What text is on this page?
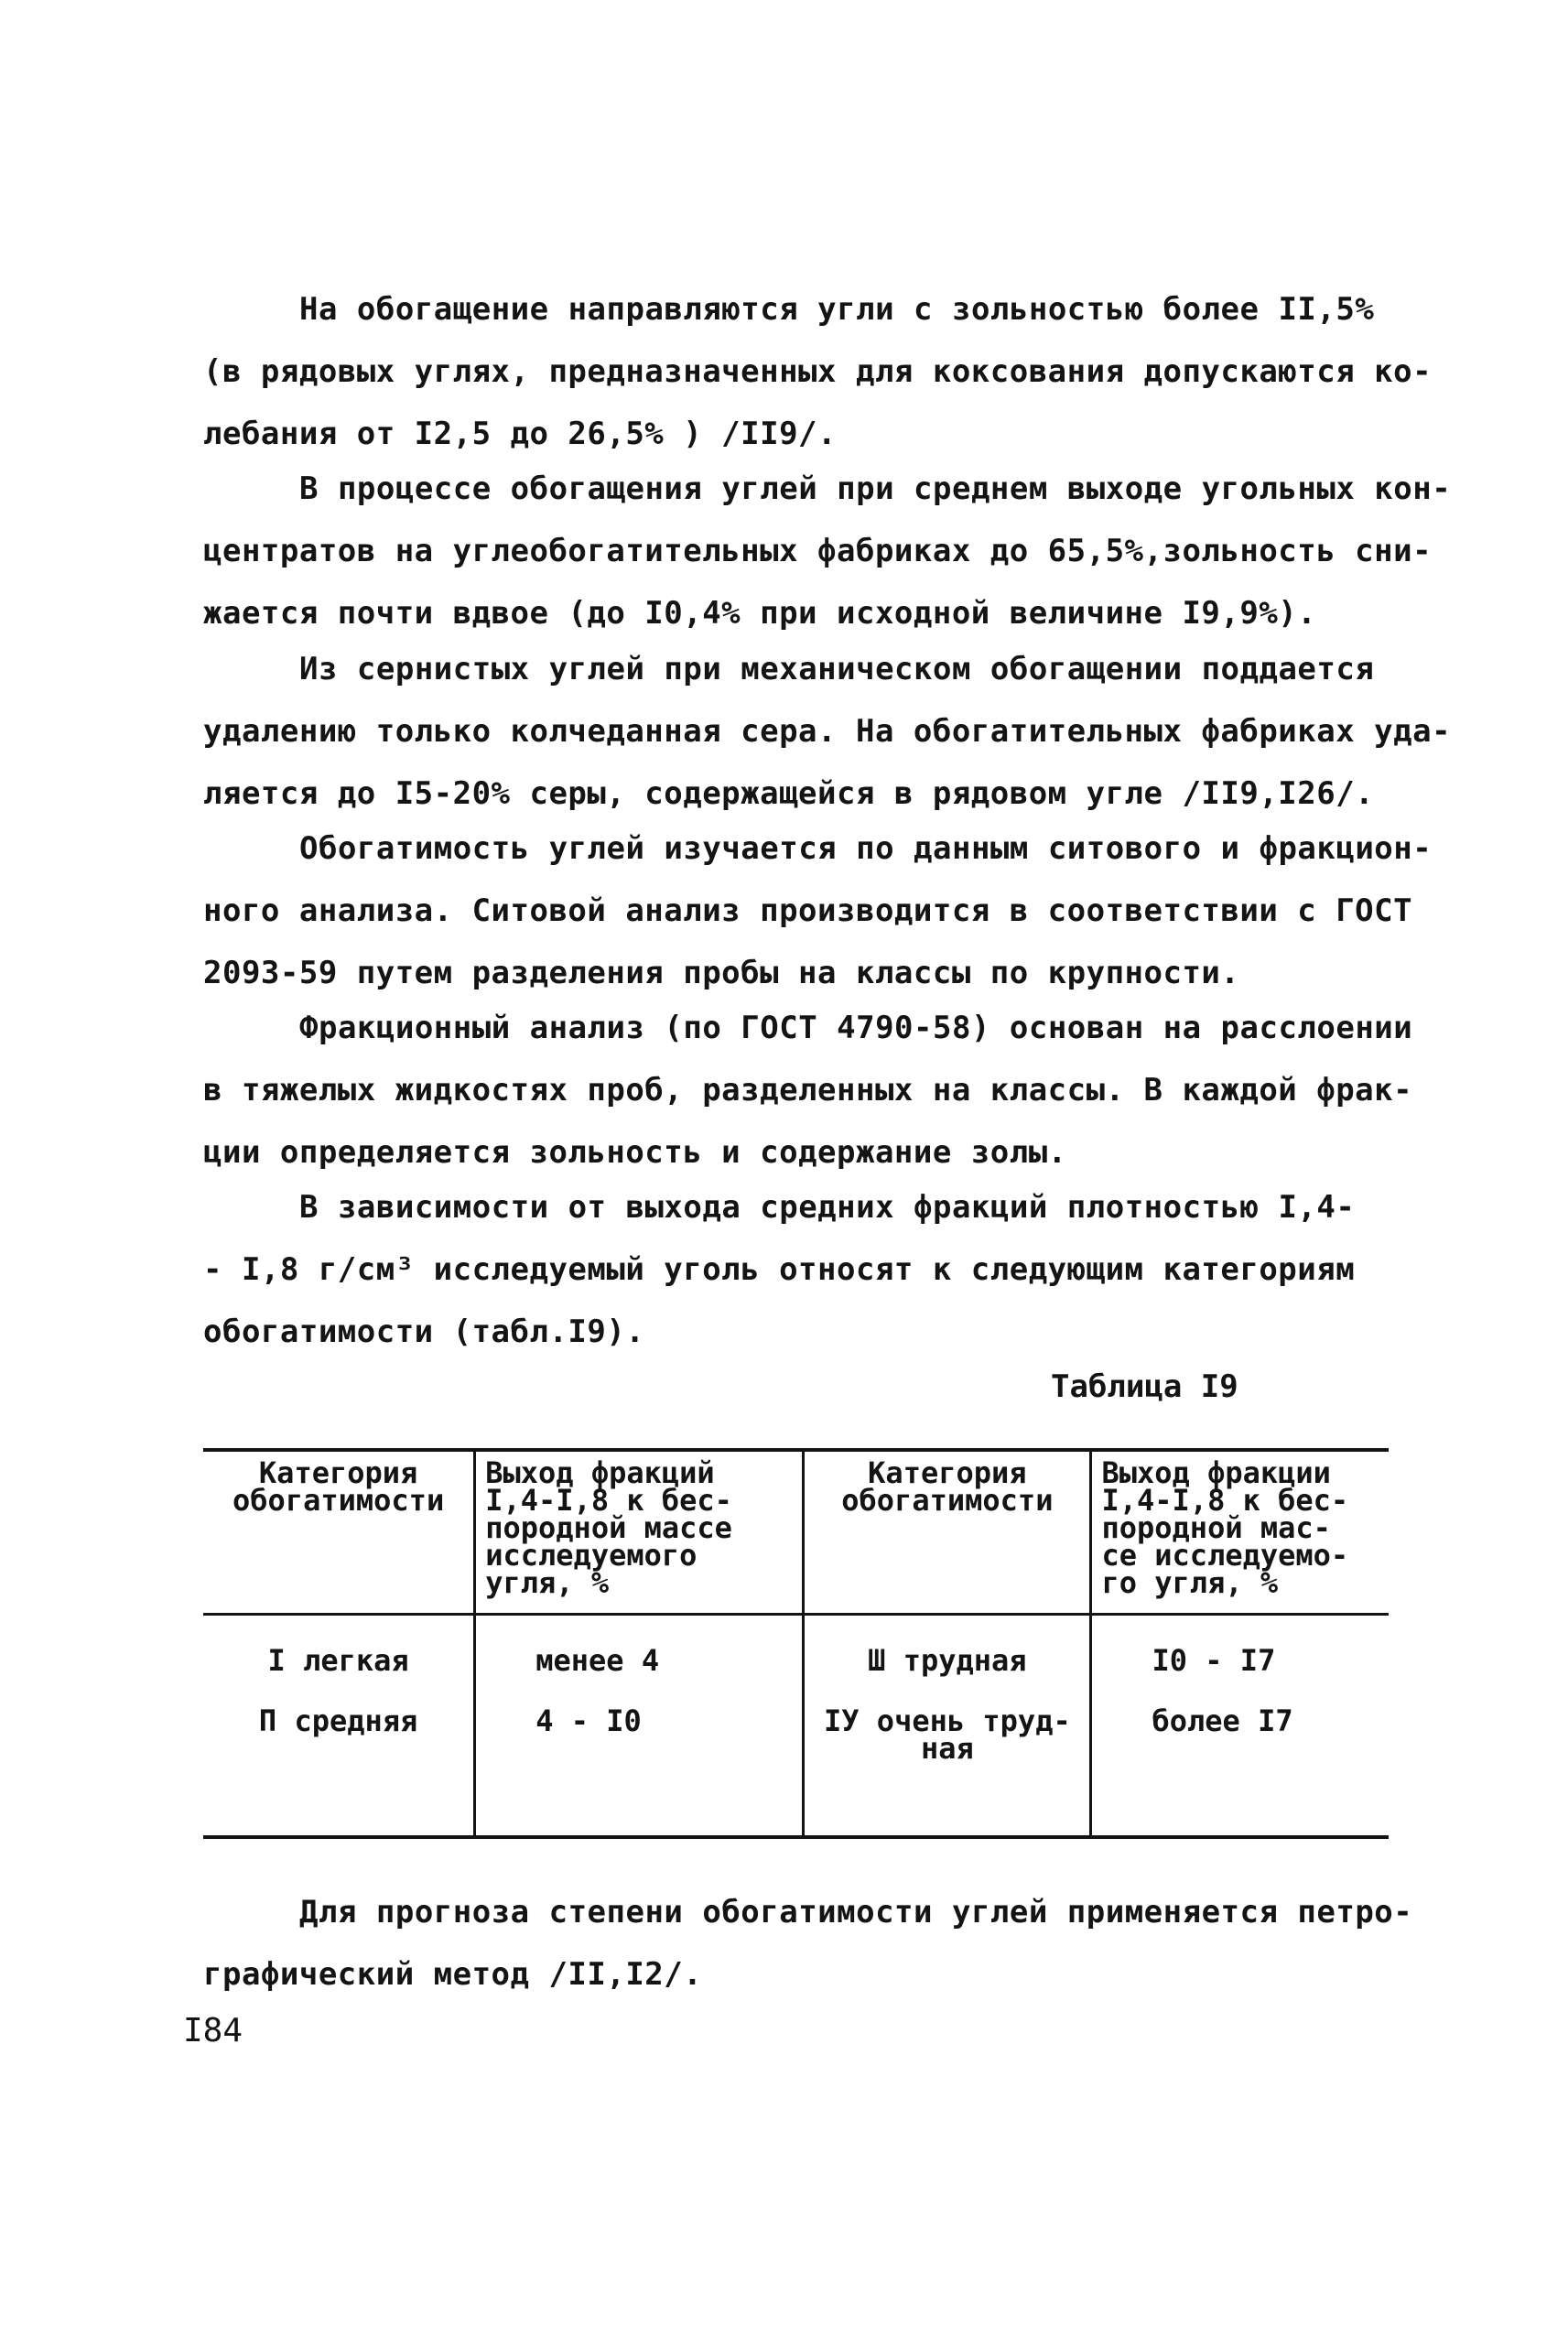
На обогащение направляются угли с зольностью более II,5%
(в рядовых углях, предназначенных для коксования допускаются ко-
лебания от I2,5 до 26,5% ) /II9/.

В процессе обогащения углей при среднем выходе угольных кон-
центратов на углеобогатительных фабриках до 65,5%,зольность сни-
жается почти вдвое (до I0,4% при исходной величине I9,9%).

Из сернистых углей при механическом обогащении поддается
удалению только колчеданная сера. На обогатительных фабриках уда-
ляется до I5-20% серы, содержащейся в рядовом угле /II9,I26/.

Обогатимость углей изучается по данным ситового и фракцион-
ного анализа. Ситовой анализ производится в соответствии с ГОСТ
2093-59 путем разделения пробы на классы по крупности.

Фракционный анализ (по ГОСТ 4790-58) основан на расслоении
в тяжелых жидкостях проб, разделенных на классы. В каждой фрак-
ции определяется зольность и содержание золы.

В зависимости от выхода средних фракций плотностью I,4-
- I,8 г/см³ исследуемый уголь относят к следующим категориям
обогатимости (табл.I9).

Таблица I9

Категория обогатимости	Выход фракций I,4-I,8 к бес- породной массе исследуемого угля, %	Категория обогатимости	Выход фракции I,4-I,8 к бес- породной мас- се исследуемо- го угля, %
I легкая	менее 4	Ш трудная	I0 - I7
П средняя	4 - I0	IУ очень труд- ная	более I7

Для прогноза степени обогатимости углей применяется петро-
графический метод /II,I2/.

I84
